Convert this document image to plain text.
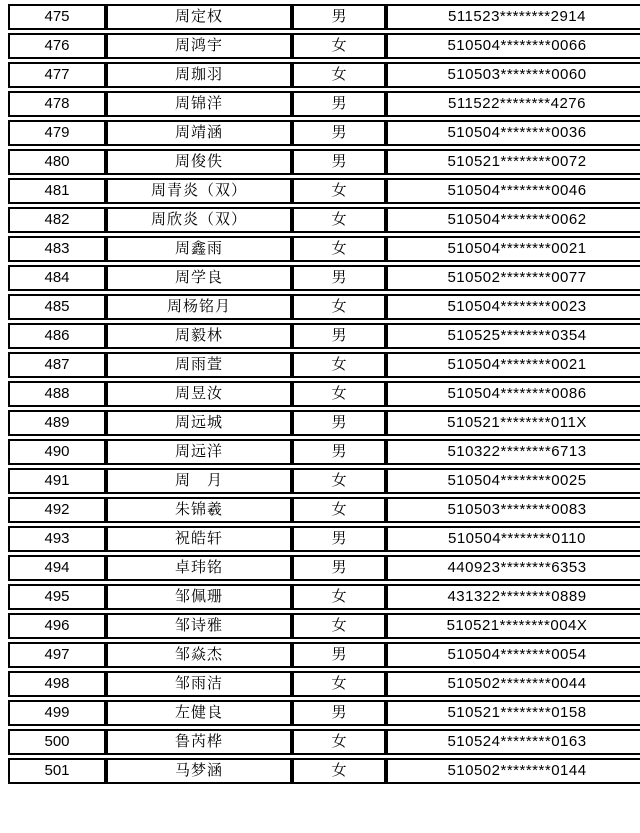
475	周定权	男	511523********2914
476	周鸿宇	女	510504********0066
477	周珈羽	女	510503********0060
478	周锦洋	男	511522********4276
479	周靖涵	男	510504********0036
480	周俊佚	男	510521********0072
481	周青炎（双）	女	510504********0046
482	周欣炎（双）	女	510504********0062
483	周鑫雨	女	510504********0021
484	周学良	男	510502********0077
485	周杨铭月	女	510504********0023
486	周毅林	男	510525********0354
487	周雨萱	女	510504********0021
488	周昱汝	女	510504********0086
489	周远城	男	510521********011X
490	周远洋	男	510322********6713
491	周　月	女	510504********0025
492	朱锦羲	女	510503********0083
493	祝皓轩	男	510504********0110
494	卓玮铭	男	440923********6353
495	邹佩珊	女	431322********0889
496	邹诗雅	女	510521********004X
497	邹焱杰	男	510504********0054
498	邹雨洁	女	510502********0044
499	左健良	男	510521********0158
500	鲁芮桦	女	510524********0163
501	马梦涵	女	510502********0144
